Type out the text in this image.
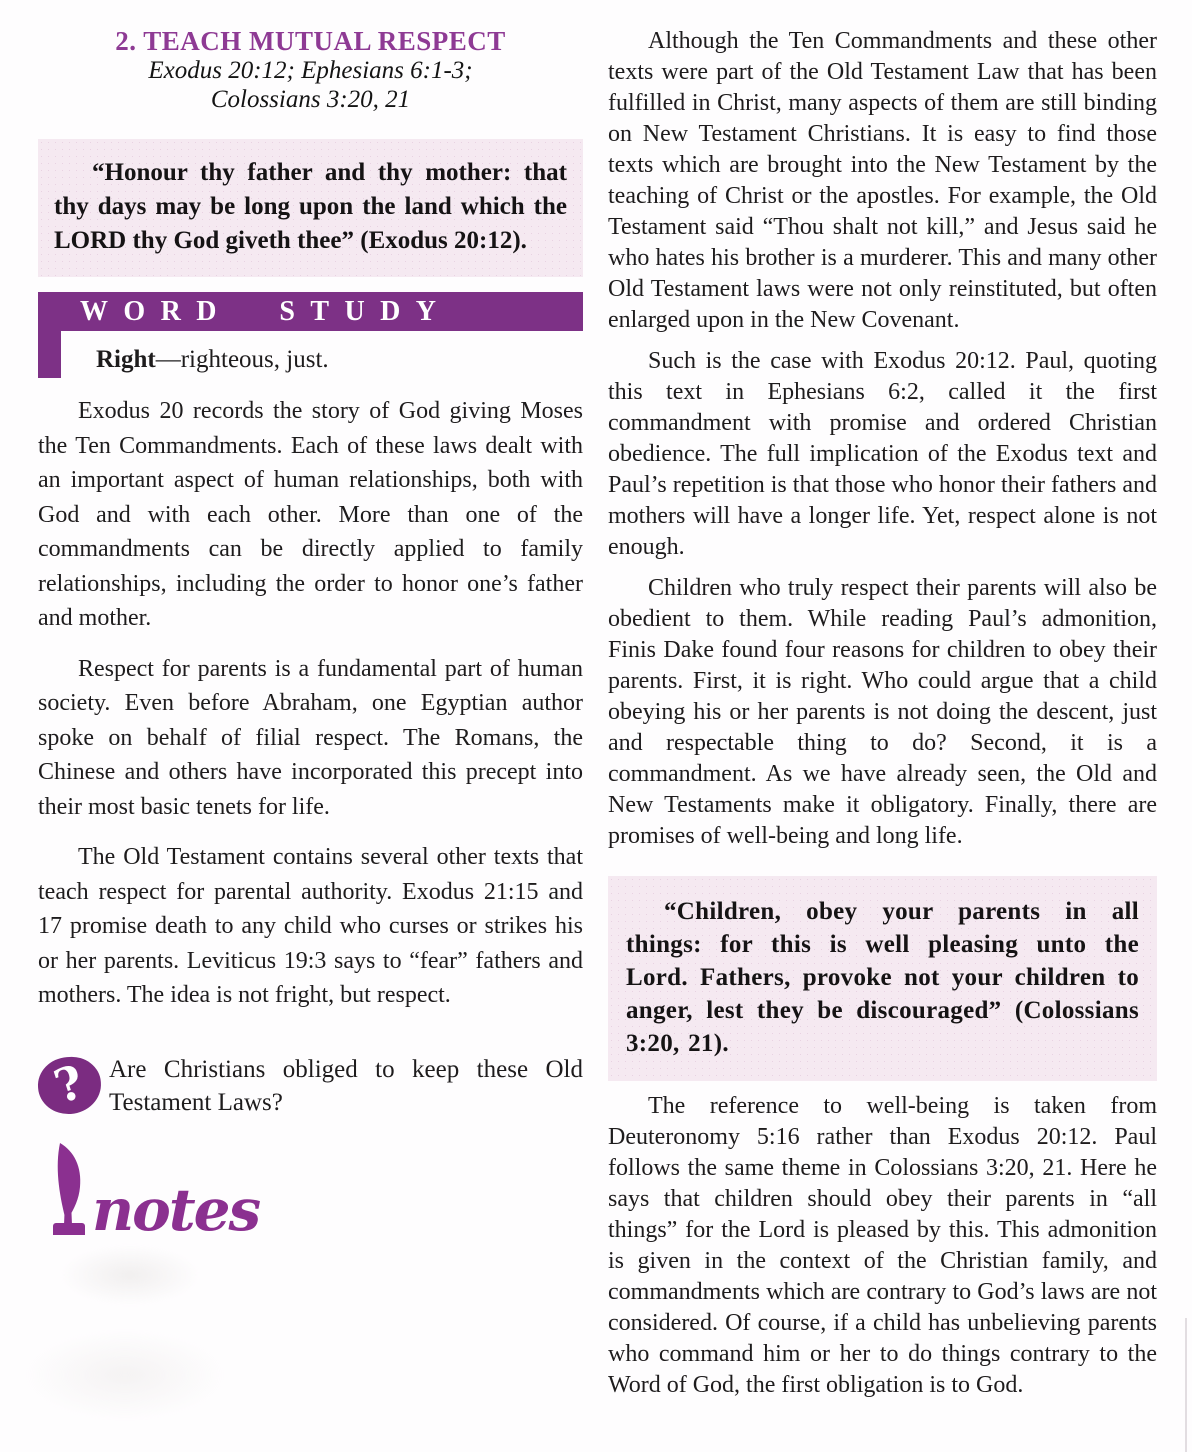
2. TEACH MUTUAL RESPECT
Exodus 20:12; Ephesians 6:1-3;
Colossians 3:20, 21
“Honour thy father and thy mother: that thy days may be long upon the land which the LORD thy God giveth thee” (Exodus 20:12).
WORD STUDY
Right—righteous, just.
Exodus 20 records the story of God giving Moses the Ten Commandments. Each of these laws dealt with an important aspect of human relationships, both with God and with each other. More than one of the commandments can be directly applied to family relationships, including the order to honor one’s father and mother.
Respect for parents is a fundamental part of human society. Even before Abraham, one Egyptian author spoke on behalf of filial respect. The Romans, the Chinese and others have incorporated this precept into their most basic tenets for life.
The Old Testament contains several other texts that teach respect for parental authority. Exodus 21:15 and 17 promise death to any child who curses or strikes his or her parents. Leviticus 19:3 says to “fear” fathers and mothers. The idea is not fright, but respect.
? Are Christians obliged to keep these Old Testament Laws?
notes
Although the Ten Commandments and these other texts were part of the Old Testament Law that has been fulfilled in Christ, many aspects of them are still binding on New Testament Christians. It is easy to find those texts which are brought into the New Testament by the teaching of Christ or the apostles. For example, the Old Testament said “Thou shalt not kill,” and Jesus said he who hates his brother is a murderer. This and many other Old Testament laws were not only reinstituted, but often enlarged upon in the New Covenant.
Such is the case with Exodus 20:12. Paul, quoting this text in Ephesians 6:2, called it the first commandment with promise and ordered Christian obedience. The full implication of the Exodus text and Paul’s repetition is that those who honor their fathers and mothers will have a longer life. Yet, respect alone is not enough.
Children who truly respect their parents will also be obedient to them. While reading Paul’s admonition, Finis Dake found four reasons for children to obey their parents. First, it is right. Who could argue that a child obeying his or her parents is not doing the descent, just and respectable thing to do? Second, it is a commandment. As we have already seen, the Old and New Testaments make it obligatory. Finally, there are promises of well-being and long life.
“Children, obey your parents in all things: for this is well pleasing unto the Lord. Fathers, provoke not your children to anger, lest they be discouraged” (Colossians 3:20, 21).
The reference to well-being is taken from Deuteronomy 5:16 rather than Exodus 20:12. Paul follows the same theme in Colossians 3:20, 21. Here he says that children should obey their parents in “all things” for the Lord is pleased by this. This admonition is given in the context of the Christian family, and commandments which are contrary to God’s laws are not considered. Of course, if a child has unbelieving parents who command him or her to do things contrary to the Word of God, the first obligation is to God.
